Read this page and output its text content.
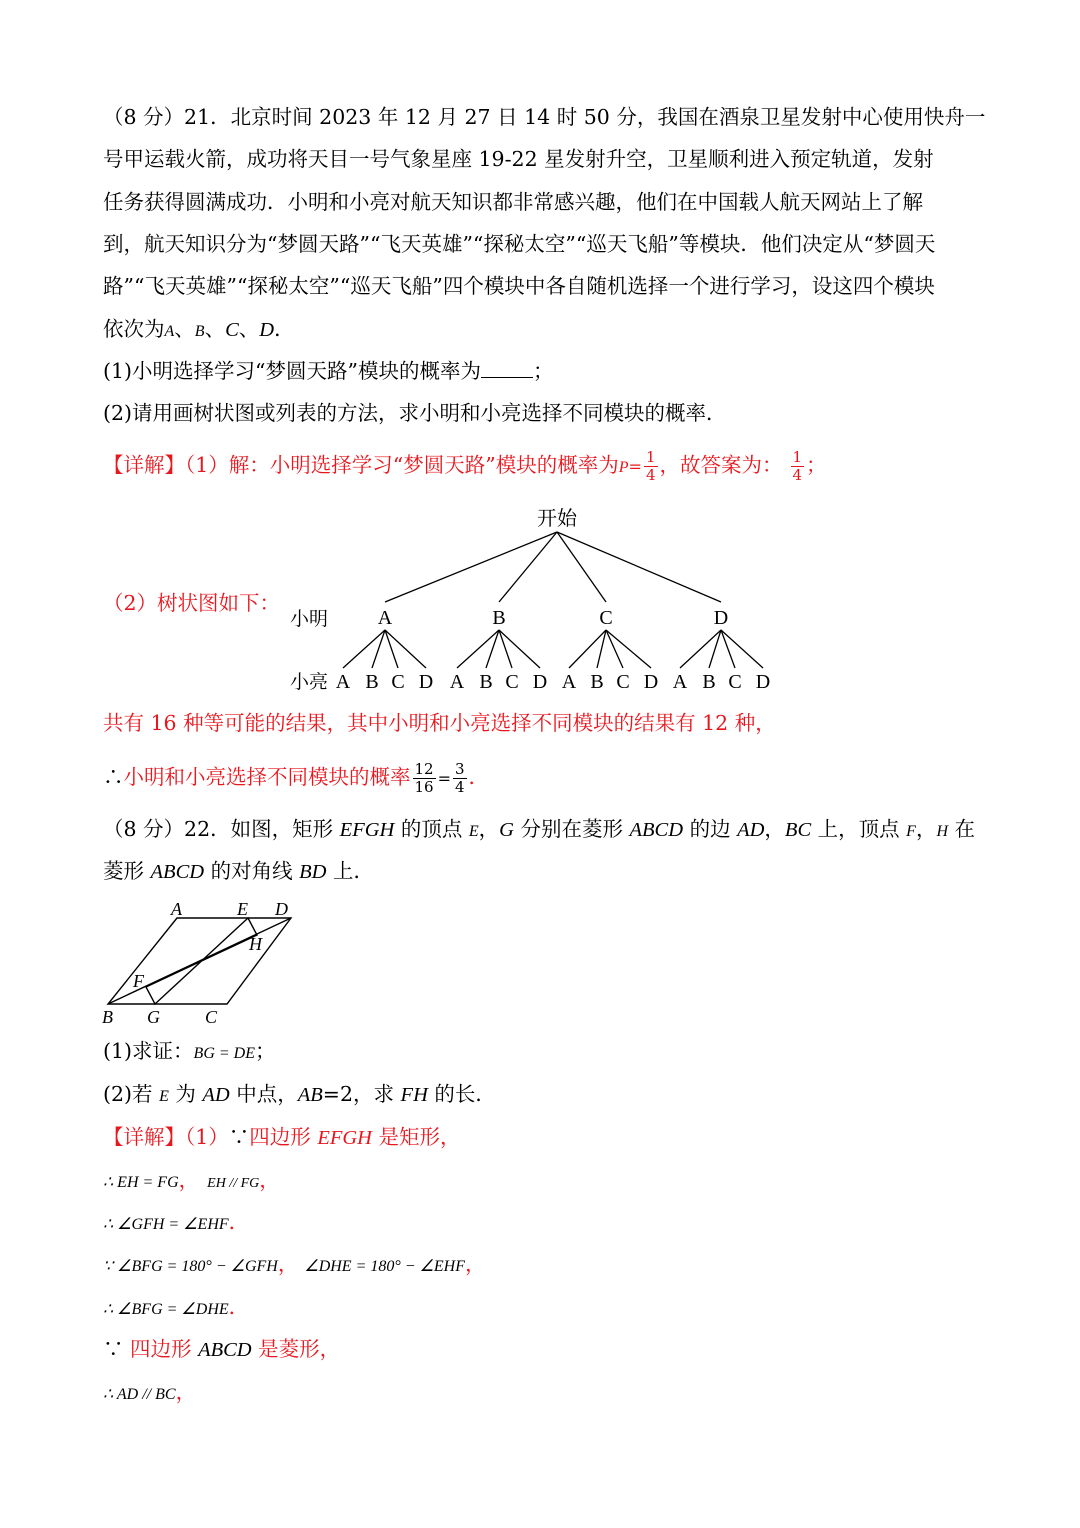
（8 分）21．北京时间 2023 年 12 月 27 日 14 时 50 分，我国在酒泉卫星发射中心使用快舟一
号甲运载火箭，成功将天目一号气象星座 19-22 星发射升空，卫星顺利进入预定轨道，发射
任务获得圆满成功．小明和小亮对航天知识都非常感兴趣，他们在中国载人航天网站上了解
到，航天知识分为“梦圆天路”“飞天英雄”“探秘太空”“巡天飞船”等模块．他们决定从“梦圆天
路”“飞天英雄”“探秘太空”“巡天飞船”四个模块中各自随机选择一个进行学习，设这四个模块
依次为A、B、C、D．
(1)小明选择学习“梦圆天路”模块的概率为	；
(2)请用画树状图或列表的方法，求小明和小亮选择不同模块的概率．
【详解】（1）解：小明选择学习“梦圆天路”模块的概率为$P= \frac{1}{4}$ ，故答案为： $\frac{1}{4}$ ；
（2）树状图如下：
开始
小明 A	B	C	D
小亮 A B C D A B C D A B C D A B C D
共有 16 种等可能的结果，其中小明和小亮选择不同模块的结果有 12 种，
∴小明和小亮选择不同模块的概率 $\frac{12}{16} = \frac{3}{4}$ ．
（8 分）22．如图，矩形 EFGH 的顶点 E，G 分别在菱形 ABCD 的边 AD，BC 上，顶点 F，H 在
菱形 ABCD 的对角线 BD 上．
A	E D
H
F
B G	C
(1)求证：BG = DE；
(2)若 E 为 AD 中点，AB=2，求 FH 的长．
【详解】（1）∵四边形 EFGH 是矩形，
∴ EH = FG， EH // FG，
∴ ∠GFH = ∠EHF．
∵ ∠BFG = 180° − ∠GFH， ∠DHE = 180° − ∠EHF，
∴ ∠BFG = ∠DHE．
∵ 四边形 ABCD 是菱形，
∴ AD // BC，
